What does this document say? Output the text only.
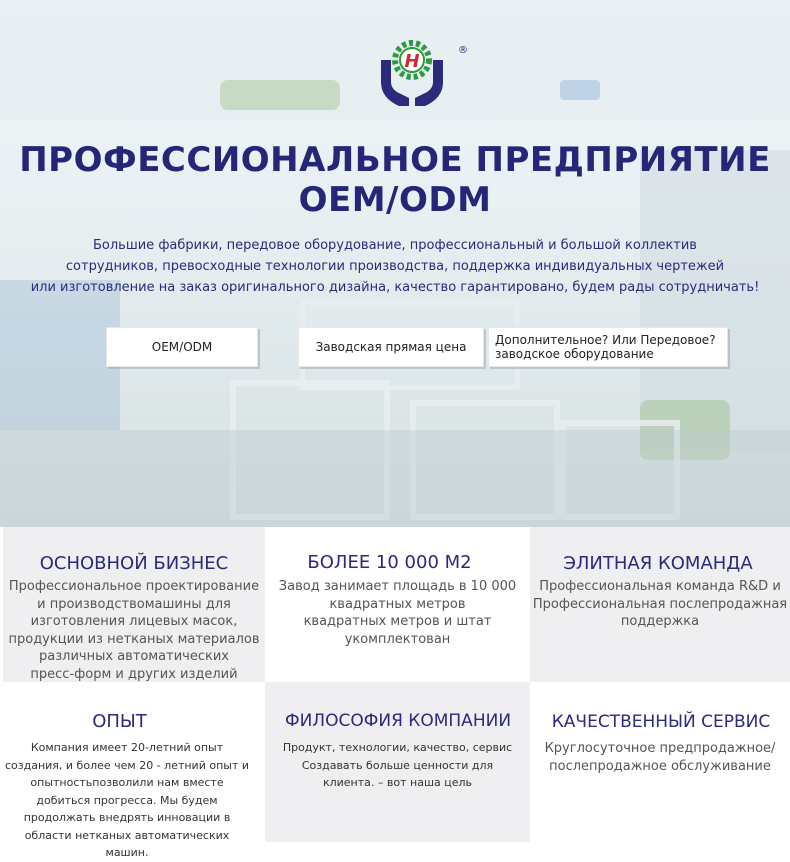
H
®
ПРОФЕССИОНАЛЬНОЕ ПРЕДПРИЯТИЕ
OEM/ODM
Большие фабрики, передовое оборудование, профессиональный и большой коллектив
сотрудников, превосходные технологии производства, поддержка индивидуальных чертежей
или изготовление на заказ оригинального дизайна, качество гарантировано, будем рады сотрудничать!
OEM/ODM	Заводская прямая цена	Дополнительное? Или Передовое?
заводское оборудование
ОСНОВНОЙ БИЗНЕС

Профессиональное проектирование
и производствомашины для
изготовления лицевых масок,
продукции из нетканых материалов
различных автоматических
пресс-форм и других изделий

БОЛЕЕ 10 000 М2

Завод занимает площадь в 10 000
квадратных метров
квадратных метров и штат
укомплектован

ЭЛИТНАЯ КОМАНДА

Профессиональная команда R&D и
Профессиональная послепродажная
поддержка

ОПЫТ

Компания имеет 20-летний опыт
создания, и более чем 20 - летний опыт и
опытностьпозволили нам вместе
добиться прогресса. Мы будем
продолжать внедрять инновации в
области нетканых автоматических
машин.

ФИЛОСОФИЯ КОМПАНИИ

Продукт, технологии, качество, сервис
Создавать больше ценности для
клиента. – вот наша цель

КАЧЕСТВЕННЫЙ СЕРВИС

Круглосуточное предпродажное/
послепродажное обслуживание
